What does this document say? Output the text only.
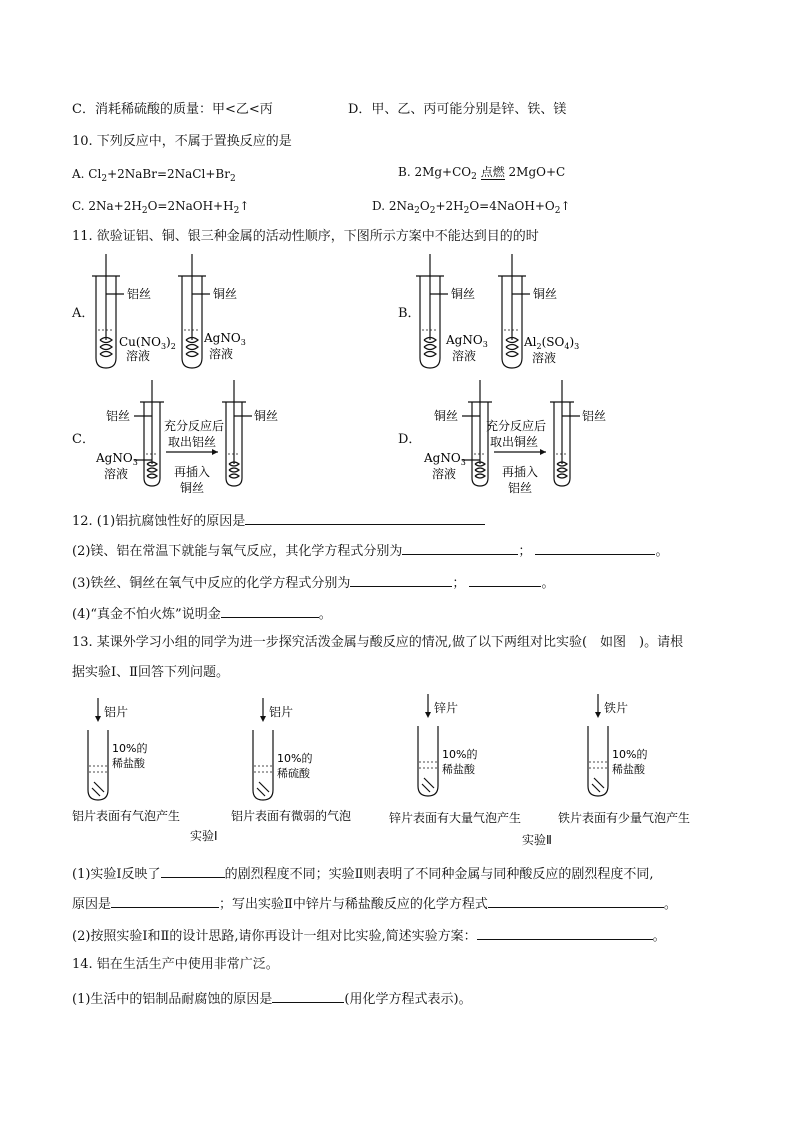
C．消耗稀硫酸的质量：甲<乙<丙	D．甲、乙、丙可能分别是锌、铁、镁
10. 下列反应中，不属于置换反应的是
A. $Cl_2+2NaBr=2NaCl+Br_2$	B. $2Mg+CO_2$ 点燃 2MgO+C
C. $2Na+2H_2O=2NaOH+H_2↑$	D. $2Na_2O_2+2H_2O=4NaOH+O_2↑$
11. 欲验证铝、铜、银三种金属的活动性顺序，下图所示方案中不能达到目的的时
A．
铝丝	铜丝
$Cu(NO_3)_2$
溶液
AgNO$_3$
溶液
B．
铜丝	铜丝
AgNO$_3$
溶液
$Al_2(SO_4)_3$
溶液
C．
铝丝	铜丝
AgNO$_3$
溶液
充分反应后
取出铝丝
再插入
铜丝
D．
铜丝	铝丝
AgNO$_3$
溶液
充分反应后
取出铜丝
再插入
铝丝
12. (1)铝抗腐蚀性好的原因是
(2)镁、铝在常温下就能与氧气反应，其化学方程式分别为	；	。
(3)铁丝、铜丝在氧气中反应的化学方程式分别为	；	。
(4)“真金不怕火炼”说明金	。
13. 某课外学习小组的同学为进一步探究活泼金属与酸反应的情况,做了以下两组对比实验(　如图　)。请根
据实验Ⅰ、Ⅱ回答下列问题。
铝片	铝片	锌片	铁片
10%的
稀盐酸	10%的
稀硫酸
10%的
稀盐酸
10%的
稀盐酸
铝片表面有气泡产生	铝片表面有微弱的气泡	锌片表面有大量气泡产生	铁片表面有少量气泡产生
实验Ⅰ	实验Ⅱ
(1)实验Ⅰ反映了	的剧烈程度不同；实验Ⅱ则表明了不同种金属与同种酸反应的剧烈程度不同,
原因是	；写出实验Ⅱ中锌片与稀盐酸反应的化学方程式	。
(2)按照实验Ⅰ和Ⅱ的设计思路,请你再设计一组对比实验,简述实验方案：	。
14. 铝在生活生产中使用非常广泛。
(1)生活中的铝制品耐腐蚀的原因是	(用化学方程式表示)。
